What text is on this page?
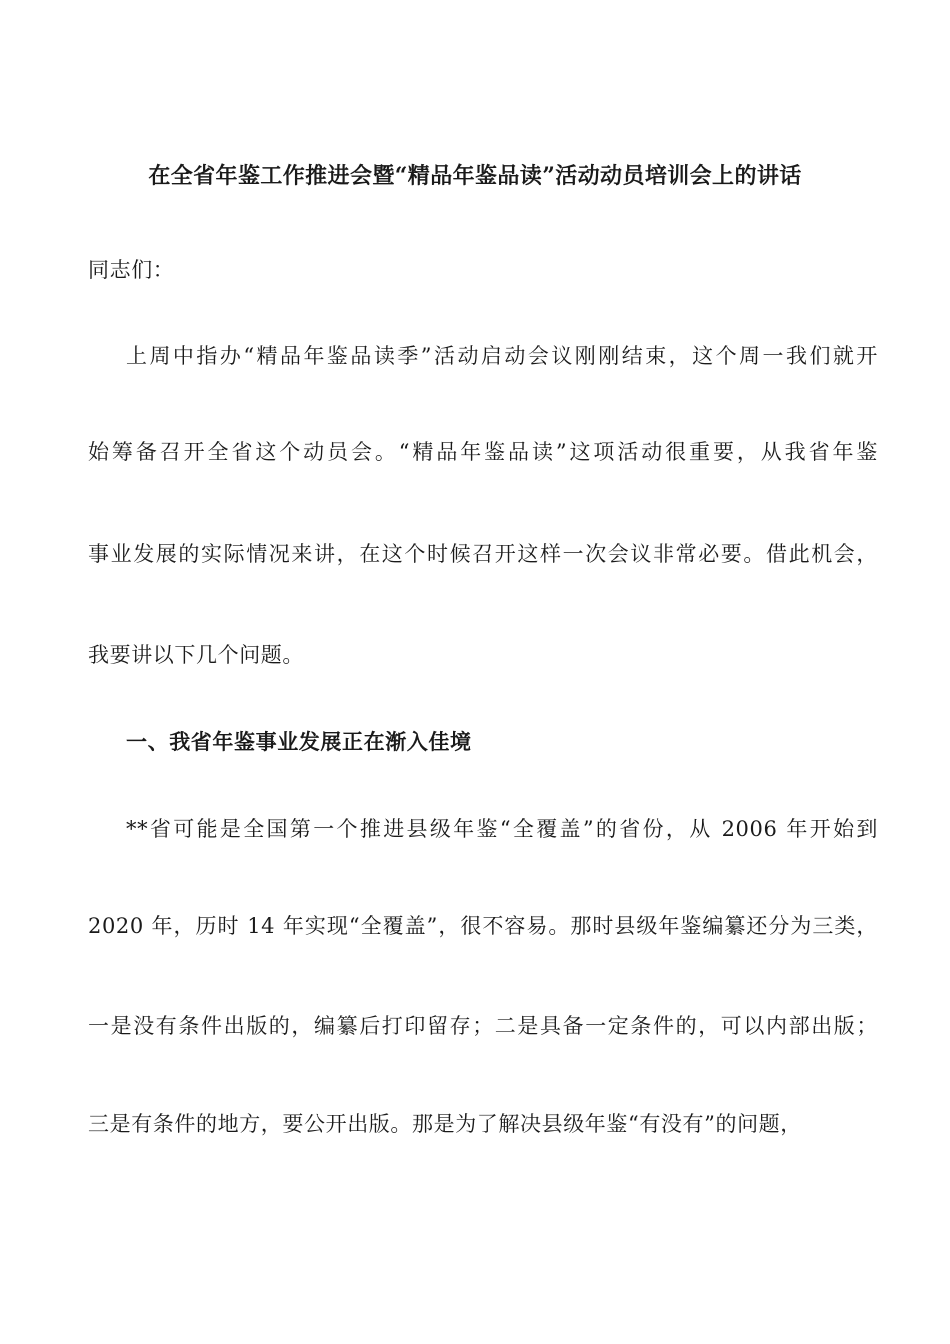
在全省年鉴工作推进会暨“精品年鉴品读”活动动员培训会上的讲话
同志们：
上周中指办“精品年鉴品读季”活动启动会议刚刚结束，这个周一我们就开
始筹备召开全省这个动员会。“精品年鉴品读”这项活动很重要，从我省年鉴
事业发展的实际情况来讲，在这个时候召开这样一次会议非常必要。借此机会，
我要讲以下几个问题。
一、我省年鉴事业发展正在渐入佳境
**省可能是全国第一个推进县级年鉴“全覆盖”的省份，从 2006 年开始到
2020 年，历时 14 年实现“全覆盖”，很不容易。那时县级年鉴编纂还分为三类，
一是没有条件出版的，编纂后打印留存；二是具备一定条件的，可以内部出版；
三是有条件的地方，要公开出版。那是为了解决县级年鉴“有没有”的问题，
